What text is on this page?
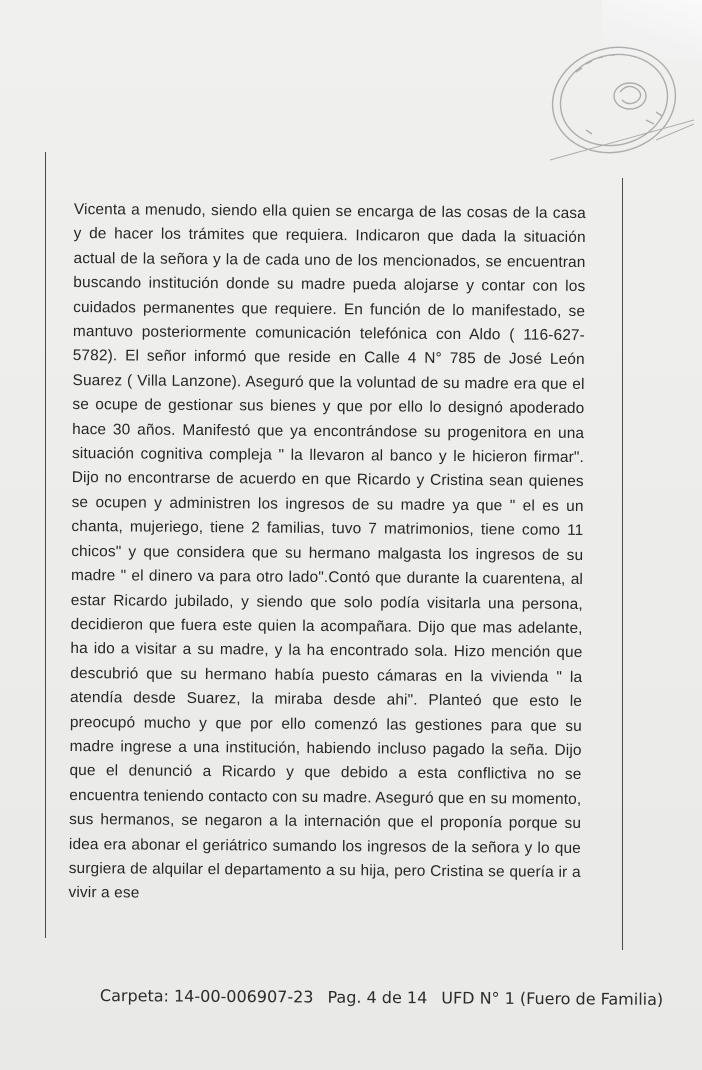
Vicenta a menudo, siendo ella quien se encarga de las cosas de la casa y de hacer los trámites que requiera. Indicaron que dada la situación actual de la señora y la de cada uno de los mencionados, se encuentran buscando institución donde su madre pueda alojarse y contar con los cuidados permanentes que requiere. En función de lo manifestado, se mantuvo posteriormente comunicación telefónica con Aldo ( 116-627-5782). El señor informó que reside en Calle 4 N° 785 de José León Suarez ( Villa Lanzone). Aseguró que la voluntad de su madre era que el se ocupe de gestionar sus bienes y que por ello lo designó apoderado hace 30 años. Manifestó que ya encontrándose su progenitora en una situación cognitiva compleja " la llevaron al banco y le hicieron firmar". Dijo no encontrarse de acuerdo en que Ricardo y Cristina sean quienes se ocupen y administren los ingresos de su madre ya que " el es un chanta, mujeriego, tiene 2 familias, tuvo 7 matrimonios, tiene como 11 chicos" y que considera que su hermano malgasta los ingresos de su madre " el dinero va para otro lado".Contó que durante la cuarentena, al estar Ricardo jubilado, y siendo que solo podía visitarla una persona, decidieron que fuera este quien la acompañara. Dijo que mas adelante, ha ido a visitar a su madre, y la ha encontrado sola. Hizo mención que descubrió que su hermano había puesto cámaras en la vivienda " la atendía desde Suarez, la miraba desde ahi". Planteó que esto le preocupó mucho y que por ello comenzó las gestiones para que su madre ingrese a una institución, habiendo incluso pagado la seña. Dijo que el denunció a Ricardo y que debido a esta conflictiva no se encuentra teniendo contacto con su madre. Aseguró que en su momento, sus hermanos, se negaron a la internación que el proponía porque su idea era abonar el geriátrico sumando los ingresos de la señora y lo que surgiera de alquilar el departamento a su hija, pero Cristina se quería ir a vivir a ese

Carpeta: 14-00-006907-23 Pag. 4 de 14 UFD N° 1 (Fuero de Familia)
